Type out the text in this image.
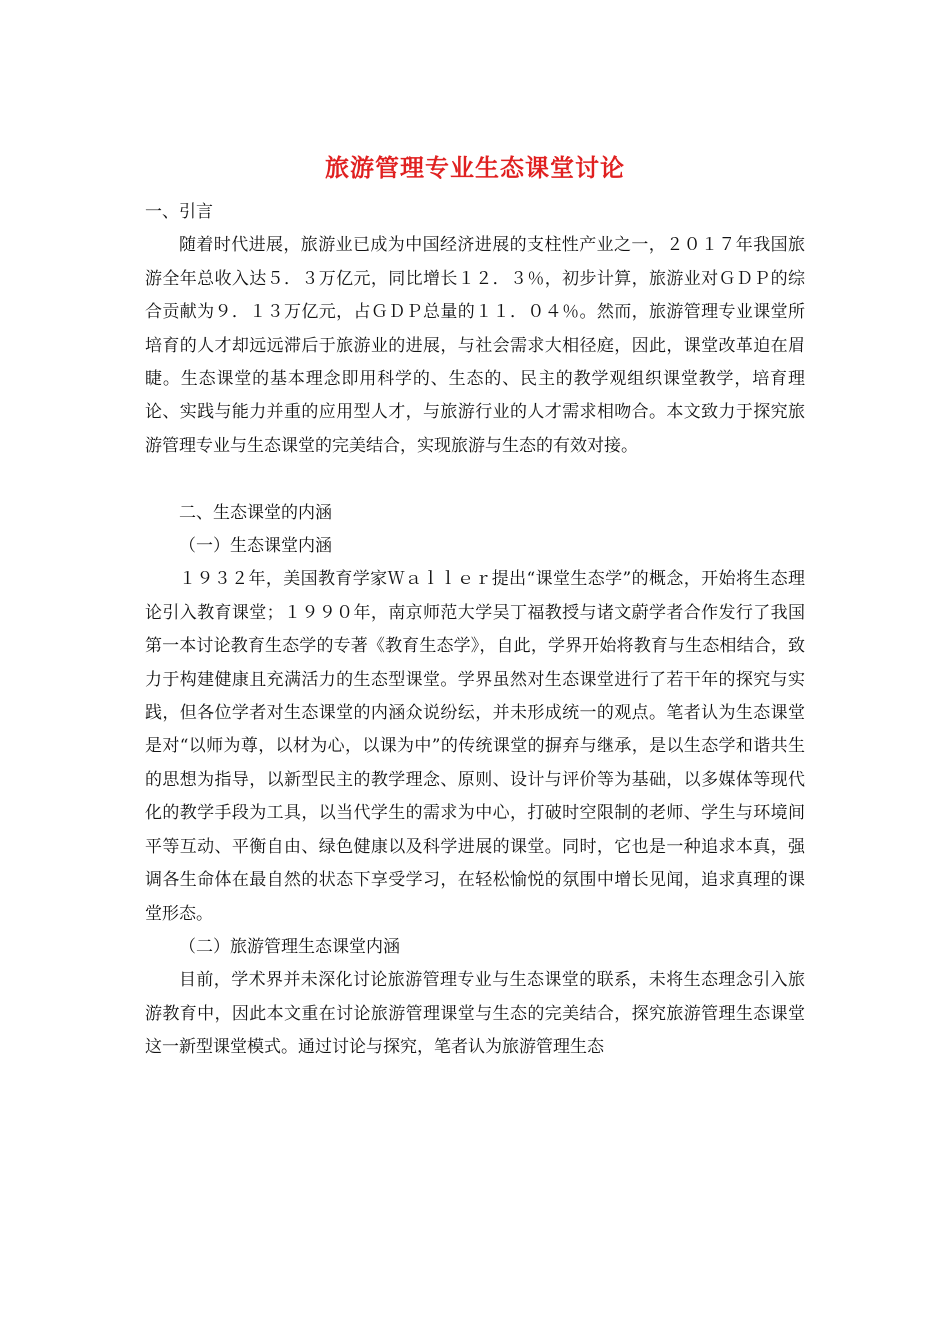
旅游管理专业生态课堂讨论

一、引言

随着时代进展，旅游业已成为中国经济进展的支柱性产业之一，２０１７年我国旅游全年总收入达５．３万亿元，同比增长１２．３％，初步计算，旅游业对ＧＤＰ的综合贡献为９．１３万亿元，占ＧＤＰ总量的１１．０４％。然而，旅游管理专业课堂所培育的人才却远远滞后于旅游业的进展，与社会需求大相径庭，因此，课堂改革迫在眉睫。生态课堂的基本理念即用科学的、生态的、民主的教学观组织课堂教学，培育理论、实践与能力并重的应用型人才，与旅游行业的人才需求相吻合。本文致力于探究旅游管理专业与生态课堂的完美结合，实现旅游与生态的有效对接。

二、生态课堂的内涵

（一）生态课堂内涵

１９３２年，美国教育学家Ｗａｌｌｅｒ提出“课堂生态学”的概念，开始将生态理论引入教育课堂；１９９０年，南京师范大学吴丁福教授与诸文蔚学者合作发行了我国第一本讨论教育生态学的专著《教育生态学》，自此，学界开始将教育与生态相结合，致力于构建健康且充满活力的生态型课堂。学界虽然对生态课堂进行了若干年的探究与实践，但各位学者对生态课堂的内涵众说纷纭，并未形成统一的观点。笔者认为生态课堂是对“以师为尊，以材为心，以课为中”的传统课堂的摒弃与继承，是以生态学和谐共生的思想为指导，以新型民主的教学理念、原则、设计与评价等为基础，以多媒体等现代化的教学手段为工具，以当代学生的需求为中心，打破时空限制的老师、学生与环境间平等互动、平衡自由、绿色健康以及科学进展的课堂。同时，它也是一种追求本真，强调各生命体在最自然的状态下享受学习，在轻松愉悦的氛围中增长见闻，追求真理的课堂形态。

（二）旅游管理生态课堂内涵

目前，学术界并未深化讨论旅游管理专业与生态课堂的联系，未将生态理念引入旅游教育中，因此本文重在讨论旅游管理课堂与生态的完美结合，探究旅游管理生态课堂这一新型课堂模式。通过讨论与探究，笔者认为旅游管理生态
